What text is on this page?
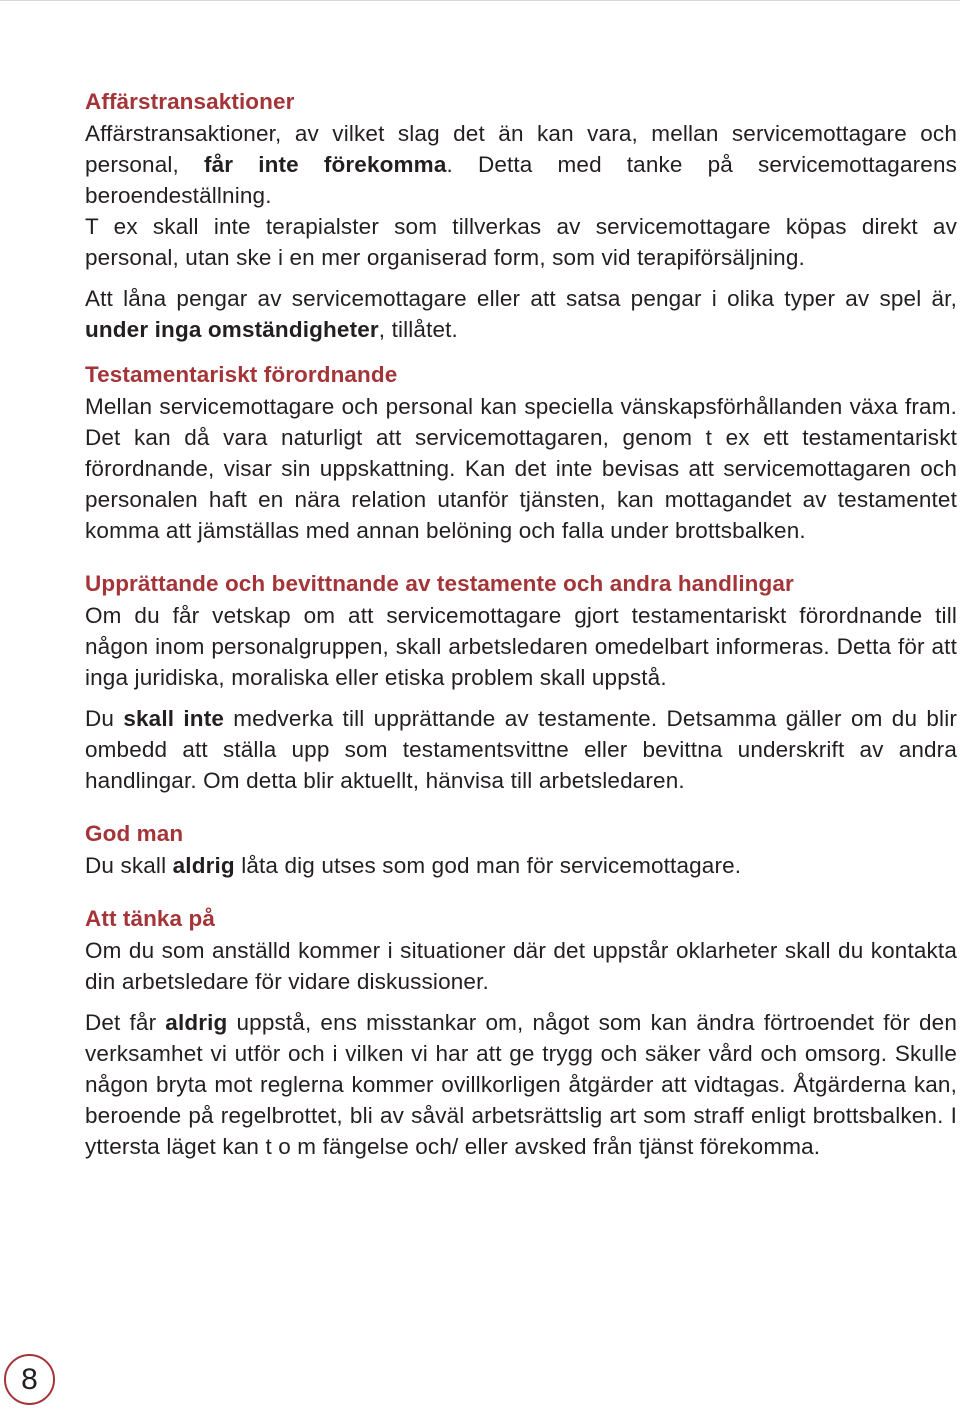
Affärstransaktioner

Affärstransaktioner, av vilket slag det än kan vara, mellan servicemottagare och personal, får inte förekomma. Detta med tanke på servicemottagarens beroendeställning.

T ex skall inte terapialster som tillverkas av servicemottagare köpas direkt av personal, utan ske i en mer organiserad form, som vid terapiförsäljning.

Att låna pengar av servicemottagare eller att satsa pengar i olika typer av spel är, under inga omständigheter, tillåtet.

Testamentariskt förordnande

Mellan servicemottagare och personal kan speciella vänskapsförhållanden växa fram. Det kan då vara naturligt att servicemottagaren, genom t ex ett testamentariskt förordnande, visar sin uppskattning. Kan det inte bevisas att servicemottagaren och personalen haft en nära relation utanför tjänsten, kan mottagandet av testamentet komma att jämställas med annan belöning och falla under brottsbalken.

Upprättande och bevittnande av testamente och andra handlingar

Om du får vetskap om att servicemottagare gjort testamentariskt förordnande till någon inom personalgruppen, skall arbetsledaren omedelbart informeras. Detta för att inga juridiska, moraliska eller etiska problem skall uppstå.

Du skall inte medverka till upprättande av testamente. Detsamma gäller om du blir ombedd att ställa upp som testamentsvittne eller bevittna underskrift av andra handlingar. Om detta blir aktuellt, hänvisa till arbetsledaren.

God man

Du skall aldrig låta dig utses som god man för servicemottagare.

Att tänka på

Om du som anställd kommer i situationer där det uppstår oklarheter skall du kontakta din arbetsledare för vidare diskussioner.

Det får aldrig uppstå, ens misstankar om, något som kan ändra förtroendet för den verksamhet vi utför och i vilken vi har att ge trygg och säker vård och omsorg. Skulle någon bryta mot reglerna kommer ovillkorligen åtgärder att vidtagas. Åtgärderna kan, beroende på regelbrottet, bli av såväl arbetsrättslig art som straff enligt brottsbalken. I yttersta läget kan t o m fängelse och/ eller avsked från tjänst förekomma.

8
